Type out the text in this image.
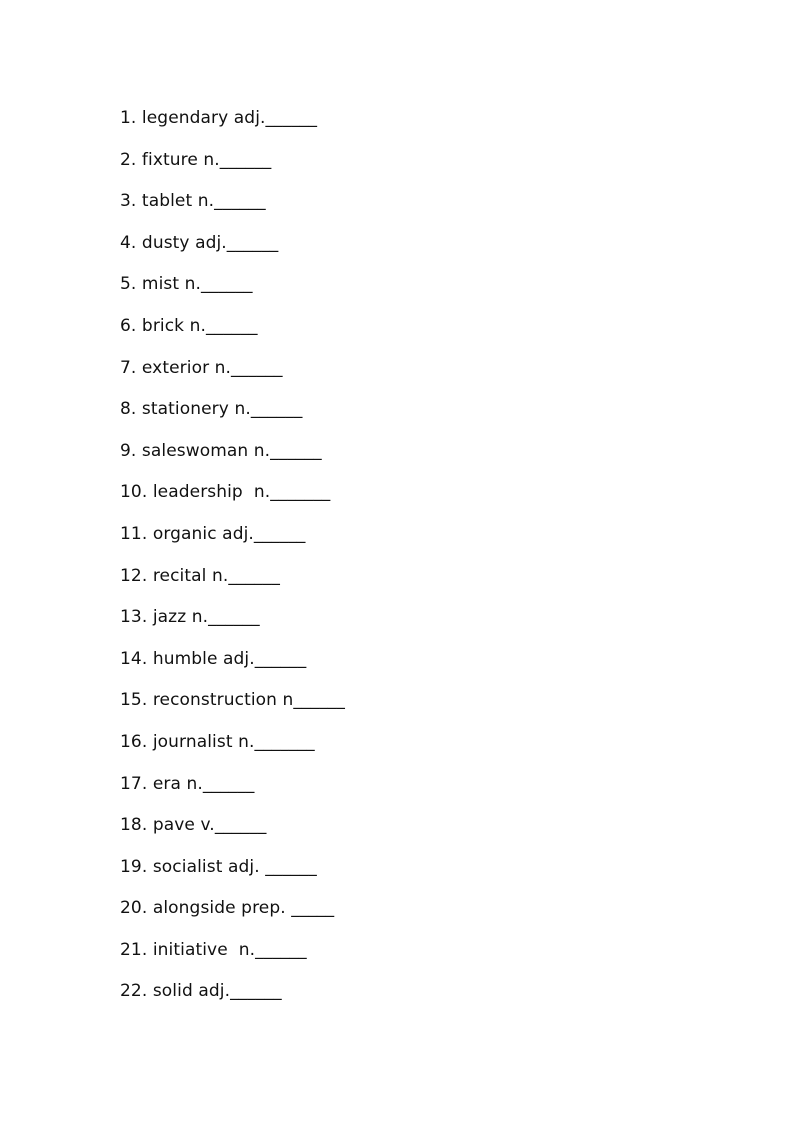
1. legendary adj.______
2. fixture n.______
3. tablet n.______
4. dusty adj.______
5. mist n.______
6. brick n.______
7. exterior n.______
8. stationery n.______
9. saleswoman n.______
10. leadership  n._______
11. organic adj.______
12. recital n.______
13. jazz n.______
14. humble adj.______
15. reconstruction n______
16. journalist n._______
17. era n.______
18. pave v.______
19. socialist adj. ______
20. alongside prep. _____
21. initiative  n.______
22. solid adj.______
